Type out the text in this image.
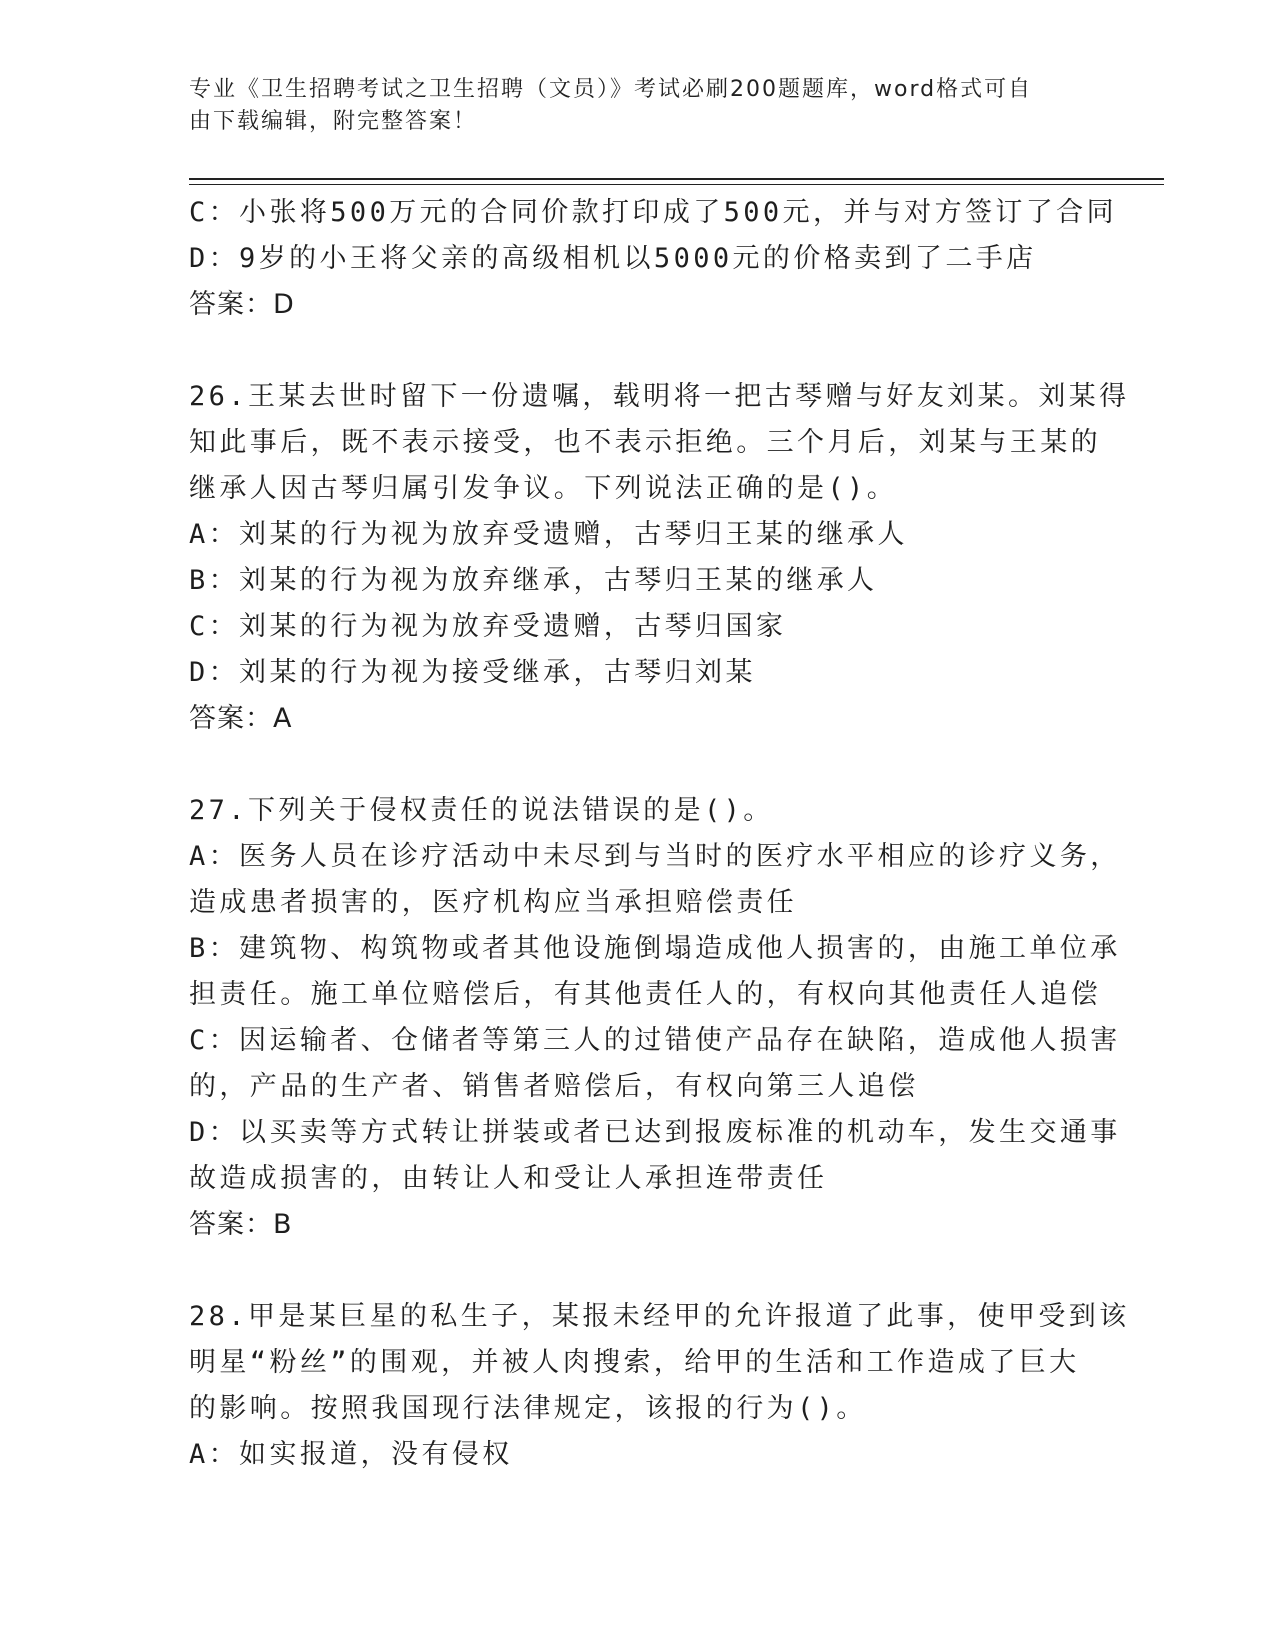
专业《卫生招聘考试之卫生招聘（文员）》考试必刷200题题库，word格式可自
由下载编辑，附完整答案！
C：小张将500万元的合同价款打印成了500元，并与对方签订了合同
D：9岁的小王将父亲的高级相机以5000元的价格卖到了二手店
答案：D
26.王某去世时留下一份遗嘱，载明将一把古琴赠与好友刘某。刘某得
知此事后，既不表示接受，也不表示拒绝。三个月后，刘某与王某的
继承人因古琴归属引发争议。下列说法正确的是()。
A：刘某的行为视为放弃受遗赠，古琴归王某的继承人
B：刘某的行为视为放弃继承，古琴归王某的继承人
C：刘某的行为视为放弃受遗赠，古琴归国家
D：刘某的行为视为接受继承，古琴归刘某
答案：A
27.下列关于侵权责任的说法错误的是()。
A：医务人员在诊疗活动中未尽到与当时的医疗水平相应的诊疗义务，
造成患者损害的，医疗机构应当承担赔偿责任
B：建筑物、构筑物或者其他设施倒塌造成他人损害的，由施工单位承
担责任。施工单位赔偿后，有其他责任人的，有权向其他责任人追偿
C：因运输者、仓储者等第三人的过错使产品存在缺陷，造成他人损害
的，产品的生产者、销售者赔偿后，有权向第三人追偿
D：以买卖等方式转让拼装或者已达到报废标准的机动车，发生交通事
故造成损害的，由转让人和受让人承担连带责任
答案：B
28.甲是某巨星的私生子，某报未经甲的允许报道了此事，使甲受到该
明星“粉丝”的围观，并被人肉搜索，给甲的生活和工作造成了巨大
的影响。按照我国现行法律规定，该报的行为()。
A：如实报道，没有侵权
